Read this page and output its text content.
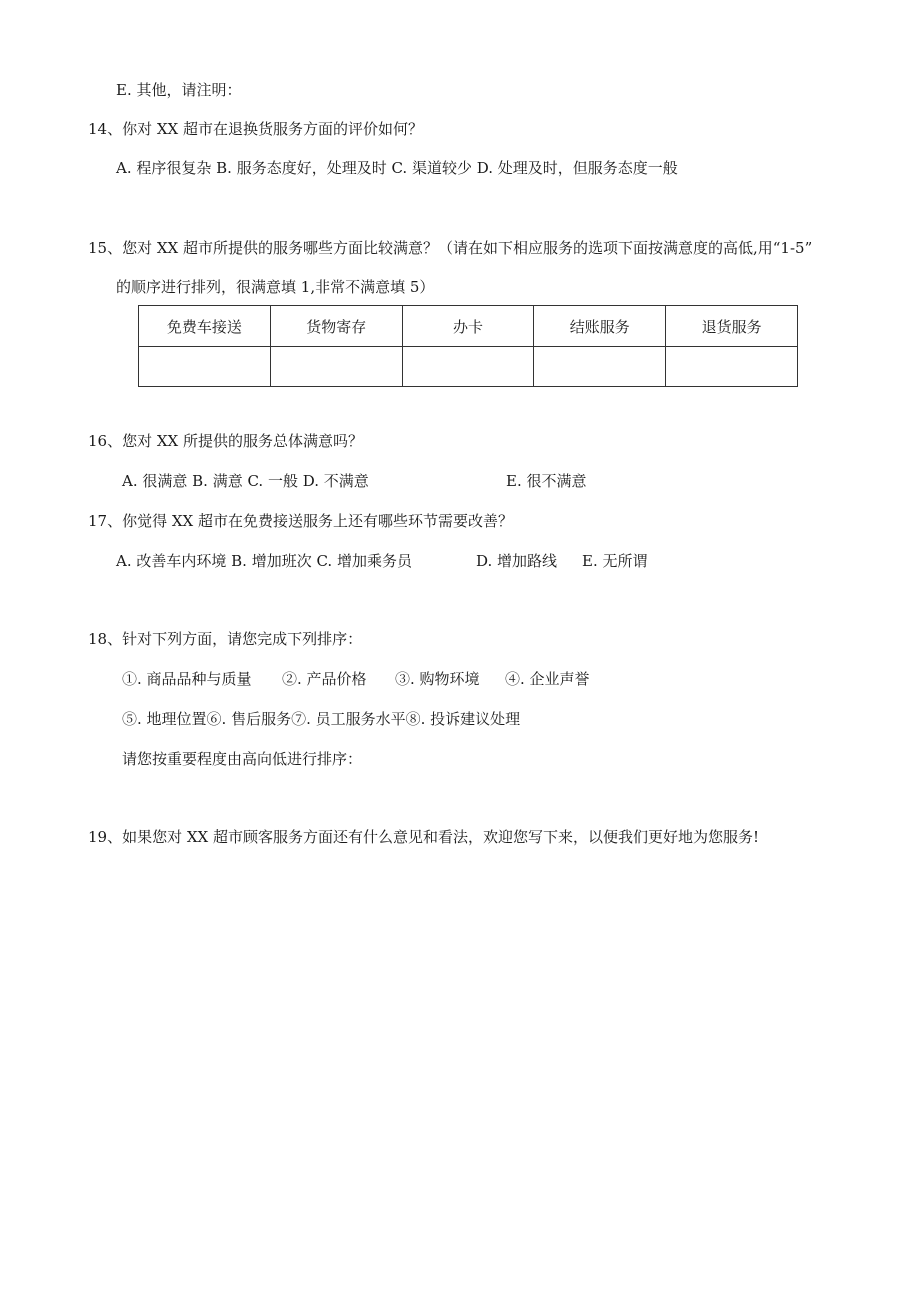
E. 其他，请注明：
14、你对 XX 超市在退换货服务方面的评价如何？
A. 程序很复杂 B. 服务态度好，处理及时 C. 渠道较少 D. 处理及时，但服务态度一般
15、您对 XX 超市所提供的服务哪些方面比较满意？（请在如下相应服务的选项下面按满意度的高低,用“1-5”
的顺序进行排列，很满意填 1,非常不满意填 5）
免费车接送	货物寄存	办卡	结账服务	退货服务

16、您对 XX 所提供的服务总体满意吗？
A. 很满意 B. 满意 C. 一般 D. 不满意	E. 很不满意
17、你觉得 XX 超市在免费接送服务上还有哪些环节需要改善？
A. 改善车内环境 B. 增加班次 C. 增加乘务员	D. 增加路线 E. 无所谓
18、针对下列方面，请您完成下列排序：
①. 商品品种与质量 ②. 产品价格 ③. 购物环境 ④. 企业声誉
⑤. 地理位置⑥. 售后服务⑦. 员工服务水平⑧. 投诉建议处理
请您按重要程度由高向低进行排序：
19、如果您对 XX 超市顾客服务方面还有什么意见和看法，欢迎您写下来，以便我们更好地为您服务!
